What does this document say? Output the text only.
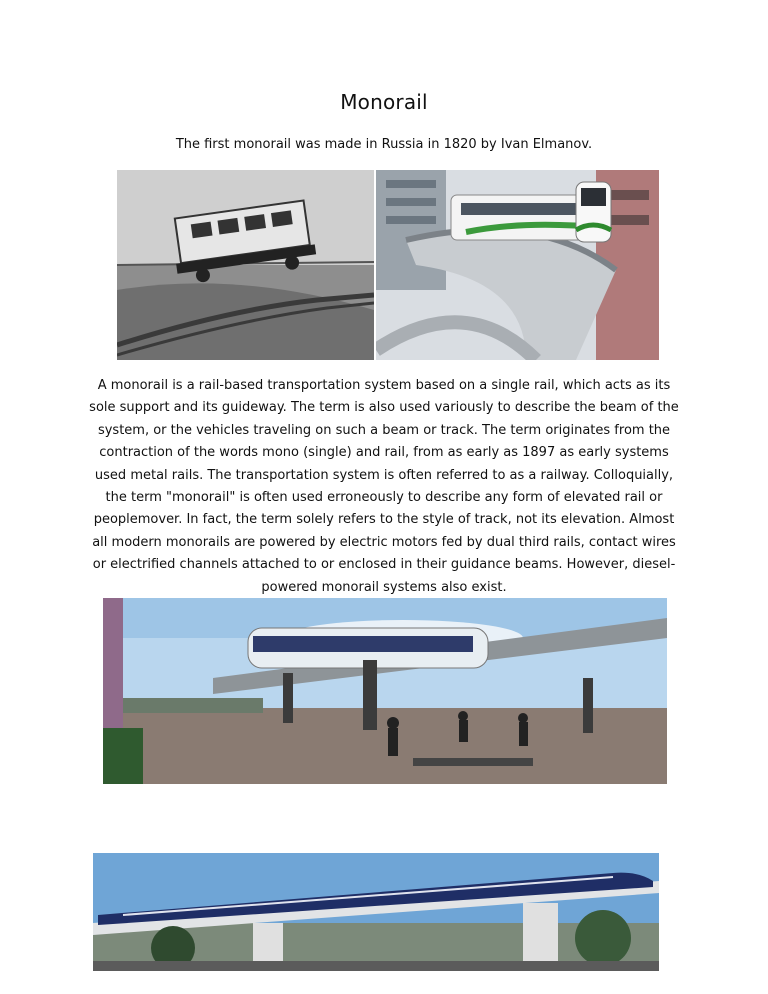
Monorail
The first monorail was made in Russia in 1820 by Ivan Elmanov.
A monorail is a rail-based transportation system based on a single rail, which acts as its sole support and its guideway. The term is also used variously to describe the beam of the system, or the vehicles traveling on such a beam or track. The term originates from the contraction of the words mono (single) and rail, from as early as 1897 as early systems used metal rails. The transportation system is often referred to as a railway. Colloquially, the term "monorail" is often used erroneously to describe any form of elevated rail or peoplemover. In fact, the term solely refers to the style of track, not its elevation. Almost all modern monorails are powered by electric motors fed by dual third rails, contact wires or electrified channels attached to or enclosed in their guidance beams. However, diesel-powered monorail systems also exist.
